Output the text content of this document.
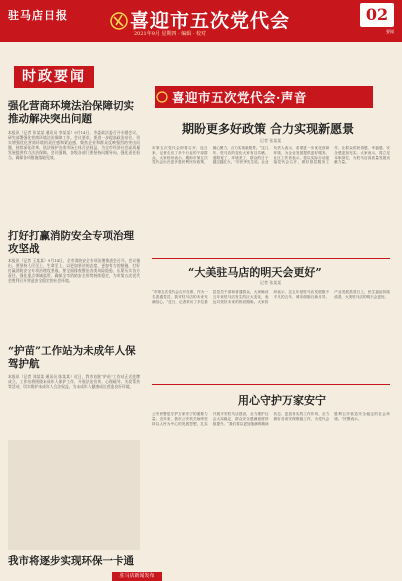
驻马店日报	喜迎市五次党代会
2021年9月 星期四 · 编辑 · 校对
02
要闻
时政要闻
强化营商环境法治保障切实推动解决突出问题
本报讯（记者 张某某 通讯员 李某某）9月14日，市委政法委召开专题会议，研究部署强化营商环境法治保障工作。会议要求，要进一步提高政治站位，切实增强优化营商环境的责任感和紧迫感，聚焦企业和群众反映强烈的突出问题，持续深化改革，依法保护各类市场主体合法权益，为全市经济社会高质量发展提供有力法治保障。会议强调，各级各部门要坚持问题导向，强化责任担当，确保各项措施落地见效。
打好打赢消防安全专项治理攻坚战
本报讯（记者 王某某）9月14日，全市消防安全专项治理推进会召开。会议指出，要坚持人民至上、生命至上，以更加坚决的态度、更加有力的措施，打好打赢消防安全专项治理攻坚战。要全面排查整治各类风险隐患，压紧压实各方责任，强化重点领域监管，确保全市消防安全形势持续稳定，为市第五次党代会胜利召开营造安全稳定的社会环境。
“护苗”工作站为未成年人保驾护航
本报讯（记者 刘某某 通讯员 陈某某）近日，我市首批“护苗”工作站正式挂牌成立。工作站将围绕未成年人保护工作，开展法治宣传、心理疏导、关爱帮扶等活动，切实维护未成年人合法权益，为未成年人健康成长营造良好环境。
我市将逐步实现环保一卡通
喜迎市五次党代会·声音
期盼更多好政策 合力实现新愿景
记者 张某某
市第五次党代会即将召开，连日来，记者走访了多个行业的干部群众，大家纷纷表示，期盼市第五次党代会出台更多惠民利民好政策，凝心聚力，合力实现新愿景。“这几年，驻马店的变化大家有目共睹，道路宽了，环境美了，群众的日子越过越红火。”市民李先生说。企业负责人表示，希望进一步优化营商环境，为企业发展提供更好服务。社区工作者表示，将以实际行动迎接党代会召开，做好基层服务工作，让群众的获得感、幸福感、安全感更加充实。大家表示，将立足本职岗位，为驻马店高质量发展贡献力量。
“大美驻马店的明天会更好”
记者 张某某
“市第五次党代会召开在即，作为一名普通党员，我对驻马店的未来充满信心。”近日，记者采访了多位基层党员干部和普通群众，大家畅谈五年来驻马店发生的巨大变化，表达对美好未来的热切期盼。大家纷纷表示，这五年是驻马店发展极不平凡的五年，城市面貌日新月异，产业发展蒸蒸日上，民生福祉持续改善，大美驻马店的明天会更好。
用心守护万家安宁
公安民警是守护万家安宁的重要力量。近年来，我市公安机关始终坚持以人民为中心的发展思想，扎实开展平安驻马店建设，全力维护社会大局稳定，群众安全感满意度持续提升。“我们将以更加饱满的精神状态、更加务实的工作作风，全力做好各项安保维稳工作，为党代会胜利召开营造安全稳定的社会环境。”民警表示。
驻马店新闻发布
